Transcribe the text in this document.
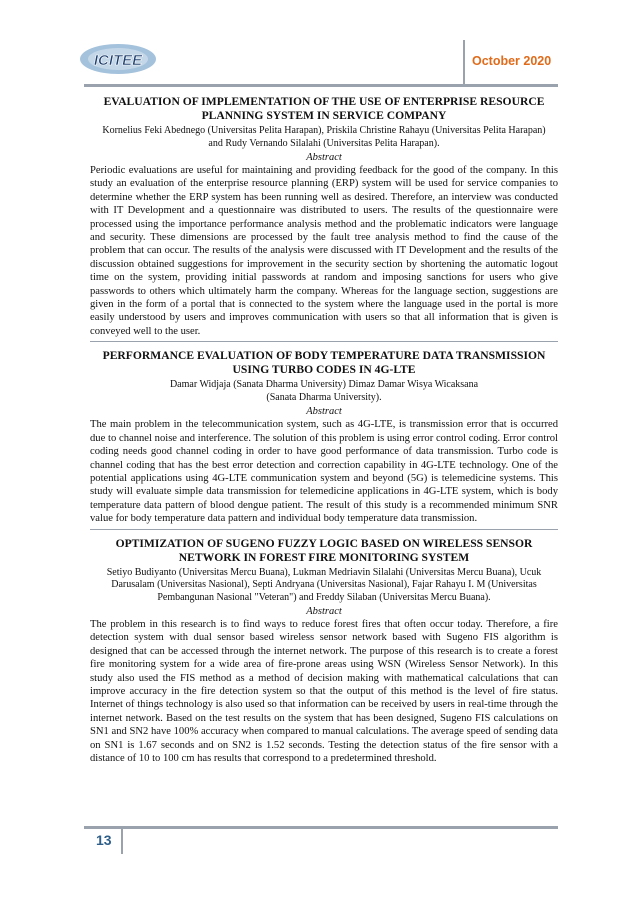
ICITEE	October 2020
EVALUATION OF IMPLEMENTATION OF THE USE OF ENTERPRISE RESOURCE PLANNING SYSTEM IN SERVICE COMPANY
Kornelius Feki Abednego (Universitas Pelita Harapan), Priskila Christine Rahayu (Universitas Pelita Harapan) and Rudy Vernando Silalahi (Universitas Pelita Harapan).
Abstract
Periodic evaluations are useful for maintaining and providing feedback for the good of the company. In this study an evaluation of the enterprise resource planning (ERP) system will be used for service companies to determine whether the ERP system has been running well as desired. Therefore, an interview was conducted with IT Development and a questionnaire was distributed to users. The results of the questionnaire were processed using the importance performance analysis method and the problematic indicators were language and security. These dimensions are processed by the fault tree analysis method to find the cause of the problem that can occur. The results of the analysis were discussed with IT Development and the results of the discussion obtained suggestions for improvement in the security section by shortening the automatic logout time on the system, providing initial passwords at random and imposing sanctions for users who give passwords to others which ultimately harm the company. Whereas for the language section, suggestions are given in the form of a portal that is connected to the system where the language used in the portal is more easily understood by users and improves communication with users so that all information that is given is conveyed well to the user.
PERFORMANCE EVALUATION OF BODY TEMPERATURE DATA TRANSMISSION USING TURBO CODES IN 4G-LTE
Damar Widjaja (Sanata Dharma University) Dimaz Damar Wisya Wicaksana (Sanata Dharma University).
Abstract
The main problem in the telecommunication system, such as 4G-LTE, is transmission error that is occurred due to channel noise and interference. The solution of this problem is using error control coding. Error control coding needs good channel coding in order to have good performance of data transmission. Turbo code is channel coding that has the best error detection and correction capability in 4G-LTE technology. One of the potential applications using 4G-LTE communication system and beyond (5G) is telemedicine systems. This study will evaluate simple data transmission for telemedicine applications in 4G-LTE system, which is body temperature data pattern of blood dengue patient. The result of this study is a recommended minimum SNR value for body temperature data pattern and individual body temperature data transmission.
OPTIMIZATION OF SUGENO FUZZY LOGIC BASED ON WIRELESS SENSOR NETWORK IN FOREST FIRE MONITORING SYSTEM
Setiyo Budiyanto (Universitas Mercu Buana), Lukman Medriavin Silalahi (Universitas Mercu Buana), Ucuk Darusalam (Universitas Nasional), Septi Andryana (Universitas Nasional), Fajar Rahayu I. M (Universitas Pembangunan Nasional "Veteran") and Freddy Silaban (Universitas Mercu Buana).
Abstract
The problem in this research is to find ways to reduce forest fires that often occur today. Therefore, a fire detection system with dual sensor based wireless sensor network based with Sugeno FIS algorithm is designed that can be accessed through the internet network. The purpose of this research is to create a forest fire monitoring system for a wide area of fire-prone areas using WSN (Wireless Sensor Network). In this study also used the FIS method as a method of decision making with mathematical calculations that can improve accuracy in the fire detection system so that the output of this method is the level of fire status. Internet of things technology is also used so that information can be received by users in real-time through the internet network. Based on the test results on the system that has been designed, Sugeno FIS calculations on SN1 and SN2 have 100% accuracy when compared to manual calculations. The average speed of sending data on SN1 is 1.67 seconds and on SN2 is 1.52 seconds. Testing the detection status of the fire sensor with a distance of 10 to 100 cm has results that correspond to a predetermined threshold.
13
